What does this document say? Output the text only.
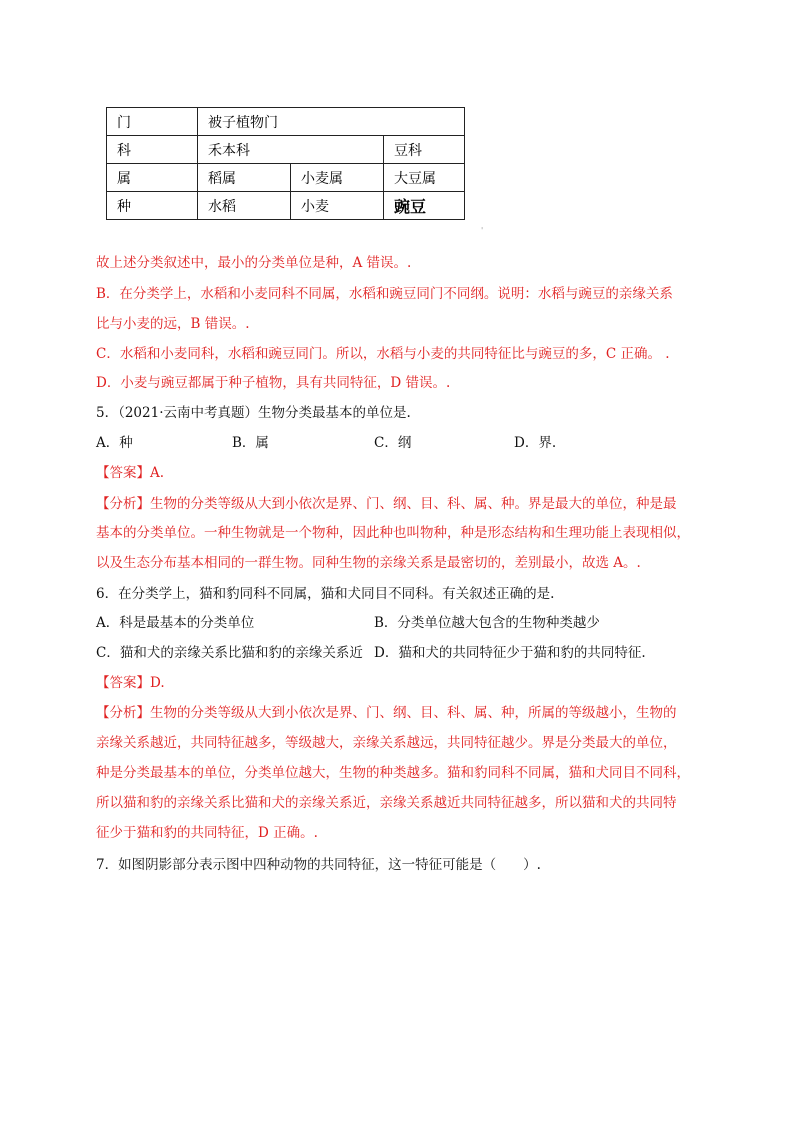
门	被子植物门		
科	禾本科		豆科
属	稻属	小麦属	大豆属
种	水稻	小麦	豌豆
'
故上述分类叙述中，最小的分类单位是种，A 错误。.
B．在分类学上，水稻和小麦同科不同属，水稻和豌豆同门不同纲。说明：水稻与豌豆的亲缘关系
比与小麦的远，B 错误。.
C．水稻和小麦同科，水稻和豌豆同门。所以，水稻与小麦的共同特征比与豌豆的多，C 正确。 .
D．小麦与豌豆都属于种子植物，具有共同特征，D 错误。.
5．（2021·云南中考真题）生物分类最基本的单位是.
A．种	B．属	C．纲	D．界.
【答案】A.
【分析】生物的分类等级从大到小依次是界、门、纲、目、科、属、种。界是最大的单位，种是最
基本的分类单位。一种生物就是一个物种，因此种也叫物种，种是形态结构和生理功能上表现相似，
以及生态分布基本相同的一群生物。同种生物的亲缘关系是最密切的，差别最小，故选 A。.
6．在分类学上，猫和豹同科不同属，猫和犬同目不同科。有关叙述正确的是.
A．科是最基本的分类单位	B．分类单位越大包含的生物种类越少
C．猫和犬的亲缘关系比猫和豹的亲缘关系近 D．猫和犬的共同特征少于猫和豹的共同特征.
【答案】D.
【分析】生物的分类等级从大到小依次是界、门、纲、目、科、属、种，所属的等级越小，生物的
亲缘关系越近，共同特征越多，等级越大，亲缘关系越远，共同特征越少。界是分类最大的单位，
种是分类最基本的单位，分类单位越大，生物的种类越多。猫和豹同科不同属，猫和犬同目不同科，
所以猫和豹的亲缘关系比猫和犬的亲缘关系近，亲缘关系越近共同特征越多，所以猫和犬的共同特
征少于猫和豹的共同特征，D 正确。.
7．如图阴影部分表示图中四种动物的共同特征，这一特征可能是（　　）.
